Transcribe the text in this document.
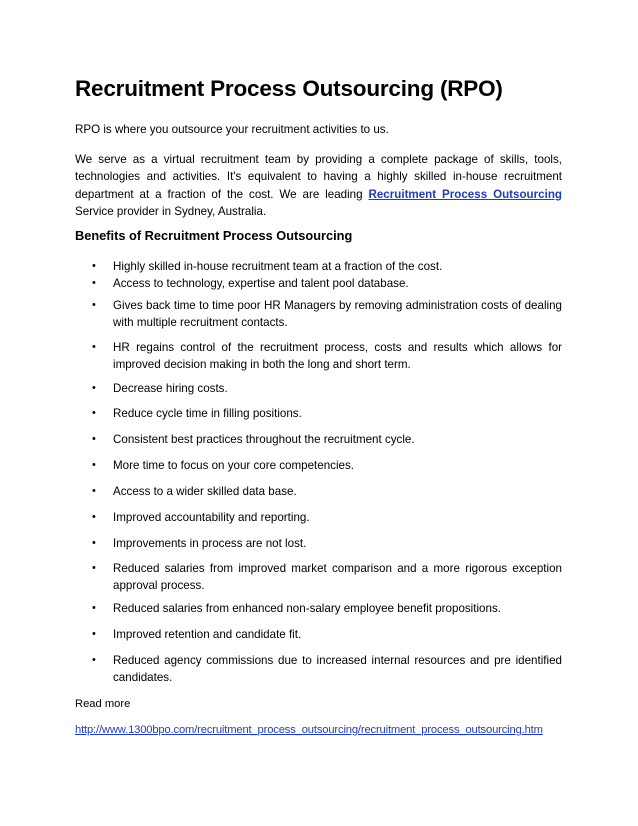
Recruitment Process Outsourcing (RPO)

RPO is where you outsource your recruitment activities to us.

We serve as a virtual recruitment team by providing a complete package of skills, tools, technologies and activities. It's equivalent to having a highly skilled in-house recruitment department at a fraction of the cost. We are leading Recruitment Process Outsourcing Service provider in Sydney, Australia.

Benefits of Recruitment Process Outsourcing
• Highly skilled in-house recruitment team at a fraction of the cost.
• Access to technology, expertise and talent pool database.
• Gives back time to time poor HR Managers by removing administration costs of dealing with multiple recruitment contacts.
• HR regains control of the recruitment process, costs and results which allows for improved decision making in both the long and short term.
• Decrease hiring costs.
• Reduce cycle time in filling positions.
• Consistent best practices throughout the recruitment cycle.
• More time to focus on your core competencies.
• Access to a wider skilled data base.
• Improved accountability and reporting.
• Improvements in process are not lost.
• Reduced salaries from improved market comparison and a more rigorous exception approval process.
• Reduced salaries from enhanced non-salary employee benefit propositions.
• Improved retention and candidate fit.
• Reduced agency commissions due to increased internal resources and pre identified candidates.

Read more

http://www.1300bpo.com/recruitment_process_outsourcing/recruitment_process_outsourcing.htm
